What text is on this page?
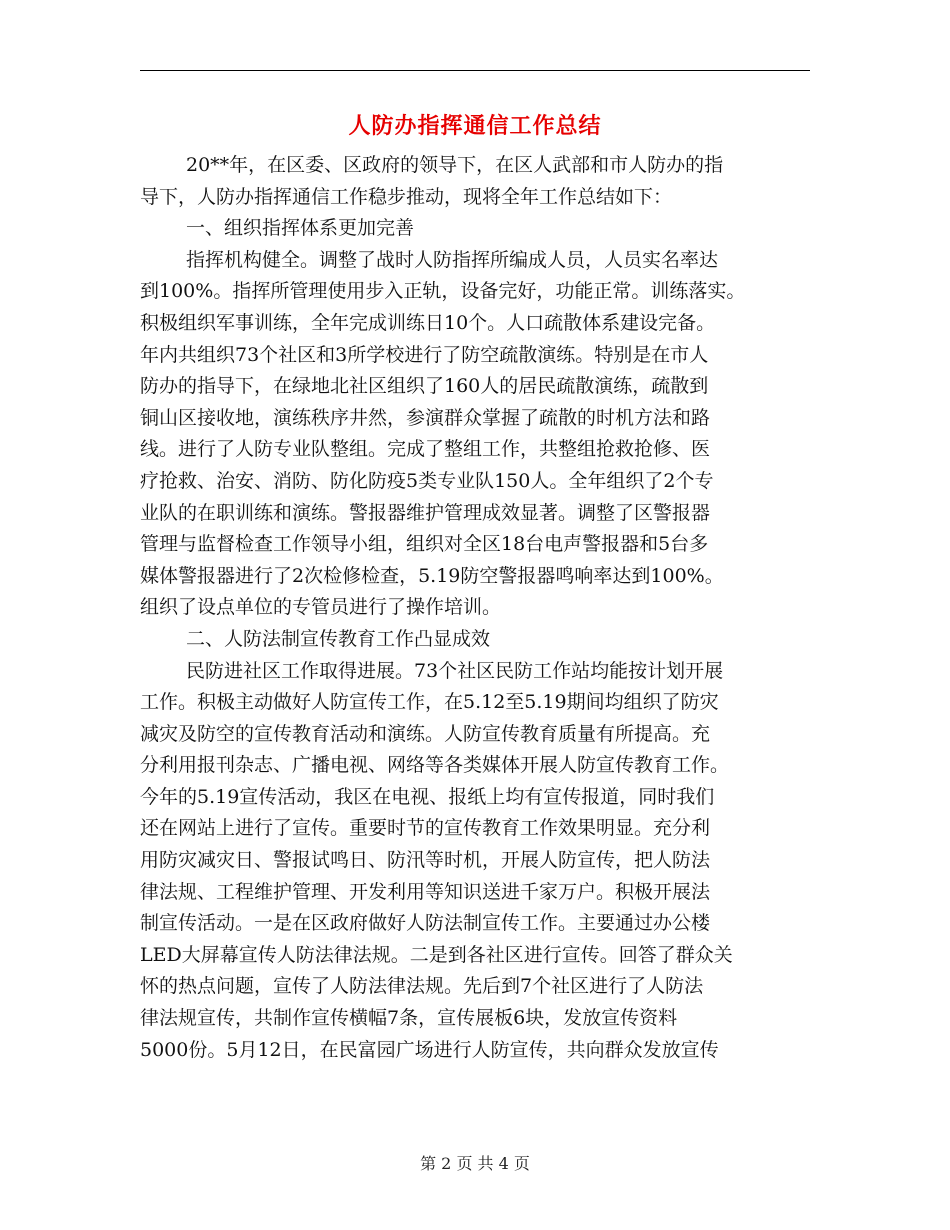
人防办指挥通信工作总结
20**年，在区委、区政府的领导下，在区人武部和市人防办的指
导下，人防办指挥通信工作稳步推动，现将全年工作总结如下：
一、组织指挥体系更加完善
指挥机构健全。调整了战时人防指挥所编成人员，人员实名率达
到100%。指挥所管理使用步入正轨，设备完好，功能正常。训练落实。
积极组织军事训练，全年完成训练日10个。人口疏散体系建设完备。
年内共组织73个社区和3所学校进行了防空疏散演练。特别是在市人
防办的指导下，在绿地北社区组织了160人的居民疏散演练，疏散到
铜山区接收地，演练秩序井然，参演群众掌握了疏散的时机方法和路
线。进行了人防专业队整组。完成了整组工作，共整组抢救抢修、医
疗抢救、治安、消防、防化防疫5类专业队150人。全年组织了2个专
业队的在职训练和演练。警报器维护管理成效显著。调整了区警报器
管理与监督检查工作领导小组，组织对全区18台电声警报器和5台多
媒体警报器进行了2次检修检查，5.19防空警报器鸣响率达到100%。
组织了设点单位的专管员进行了操作培训。
二、人防法制宣传教育工作凸显成效
民防进社区工作取得进展。73个社区民防工作站均能按计划开展
工作。积极主动做好人防宣传工作，在5.12至5.19期间均组织了防灾
减灾及防空的宣传教育活动和演练。人防宣传教育质量有所提高。充
分利用报刊杂志、广播电视、网络等各类媒体开展人防宣传教育工作。
今年的5.19宣传活动，我区在电视、报纸上均有宣传报道，同时我们
还在网站上进行了宣传。重要时节的宣传教育工作效果明显。充分利
用防灾减灾日、警报试鸣日、防汛等时机，开展人防宣传，把人防法
律法规、工程维护管理、开发利用等知识送进千家万户。积极开展法
制宣传活动。一是在区政府做好人防法制宣传工作。主要通过办公楼
LED大屏幕宣传人防法律法规。二是到各社区进行宣传。回答了群众关
怀的热点问题，宣传了人防法律法规。先后到7个社区进行了人防法
律法规宣传，共制作宣传横幅7条，宣传展板6块，发放宣传资料
5000份。5月12日，在民富园广场进行人防宣传，共向群众发放宣传
第 2 页 共 4 页
